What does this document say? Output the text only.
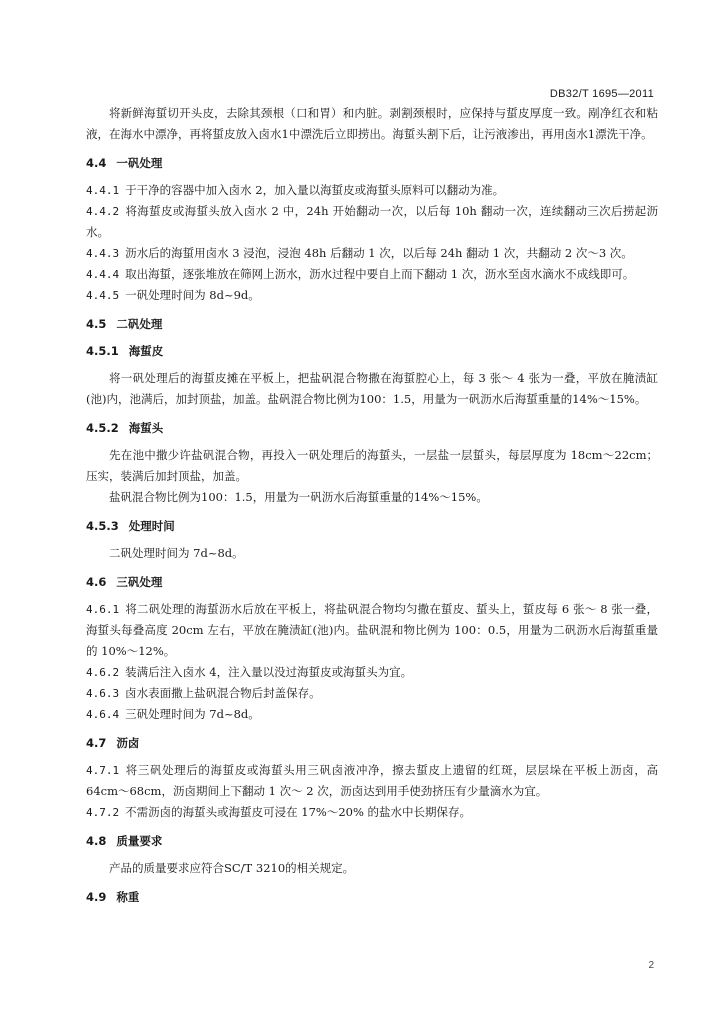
DB32/T 1695—2011

将新鲜海蜇切开头皮，去除其颈根（口和胃）和内脏。剥割颈根时，应保持与蜇皮厚度一致。剐净红衣和粘液，在海水中漂净，再将蜇皮放入卤水1中漂洗后立即捞出。海蜇头割下后，让污液渗出，再用卤水1漂洗干净。

4.4 一矾处理

4.4.1 于干净的容器中加入卤水 2，加入量以海蜇皮或海蜇头原料可以翻动为准。

4.4.2 将海蜇皮或海蜇头放入卤水 2 中，24h 开始翻动一次，以后每 10h 翻动一次，连续翻动三次后捞起沥水。

4.4.3 沥水后的海蜇用卤水 3 浸泡，浸泡 48h 后翻动 1 次，以后每 24h 翻动 1 次，共翻动 2 次～3 次。

4.4.4 取出海蜇，逐张堆放在筛网上沥水，沥水过程中要自上而下翻动 1 次，沥水至卤水滴水不成线即可。

4.4.5 一矾处理时间为 8d~9d。

4.5 二矾处理

4.5.1 海蜇皮

将一矾处理后的海蜇皮摊在平板上，把盐矾混合物撒在海蜇腔心上，每 3 张～ 4 张为一叠，平放在腌渍缸(池)内，池满后，加封顶盐，加盖。盐矾混合物比例为100：1.5，用量为一矾沥水后海蜇重量的14%～15%。

4.5.2 海蜇头

先在池中撒少许盐矾混合物，再投入一矾处理后的海蜇头，一层盐一层蜇头，每层厚度为 18cm～22cm；压实，装满后加封顶盐，加盖。

盐矾混合物比例为100：1.5，用量为一矾沥水后海蜇重量的14%～15%。

4.5.3 处理时间

二矾处理时间为 7d~8d。

4.6 三矾处理

4.6.1 将二矾处理的海蜇沥水后放在平板上，将盐矾混合物均匀撒在蜇皮、蜇头上，蜇皮每 6 张～ 8 张一叠，海蜇头每叠高度 20cm 左右，平放在腌渍缸(池)内。盐矾混和物比例为 100：0.5，用量为二矾沥水后海蜇重量的 10%～12%。

4.6.2 装满后注入卤水 4，注入量以没过海蜇皮或海蜇头为宜。

4.6.3 卤水表面撒上盐矾混合物后封盖保存。

4.6.4 三矾处理时间为 7d~8d。

4.7 沥卤

4.7.1 将三矾处理后的海蜇皮或海蜇头用三矾卤液冲净，擦去蜇皮上遗留的红斑，层层垛在平板上沥卤，高 64cm～68cm，沥卤期间上下翻动 1 次～ 2 次，沥卤达到用手使劲挤压有少量滴水为宜。

4.7.2 不需沥卤的海蜇头或海蜇皮可浸在 17%～20% 的盐水中长期保存。

4.8 质量要求

产品的质量要求应符合SC/T 3210的相关规定。

4.9 称重

2
